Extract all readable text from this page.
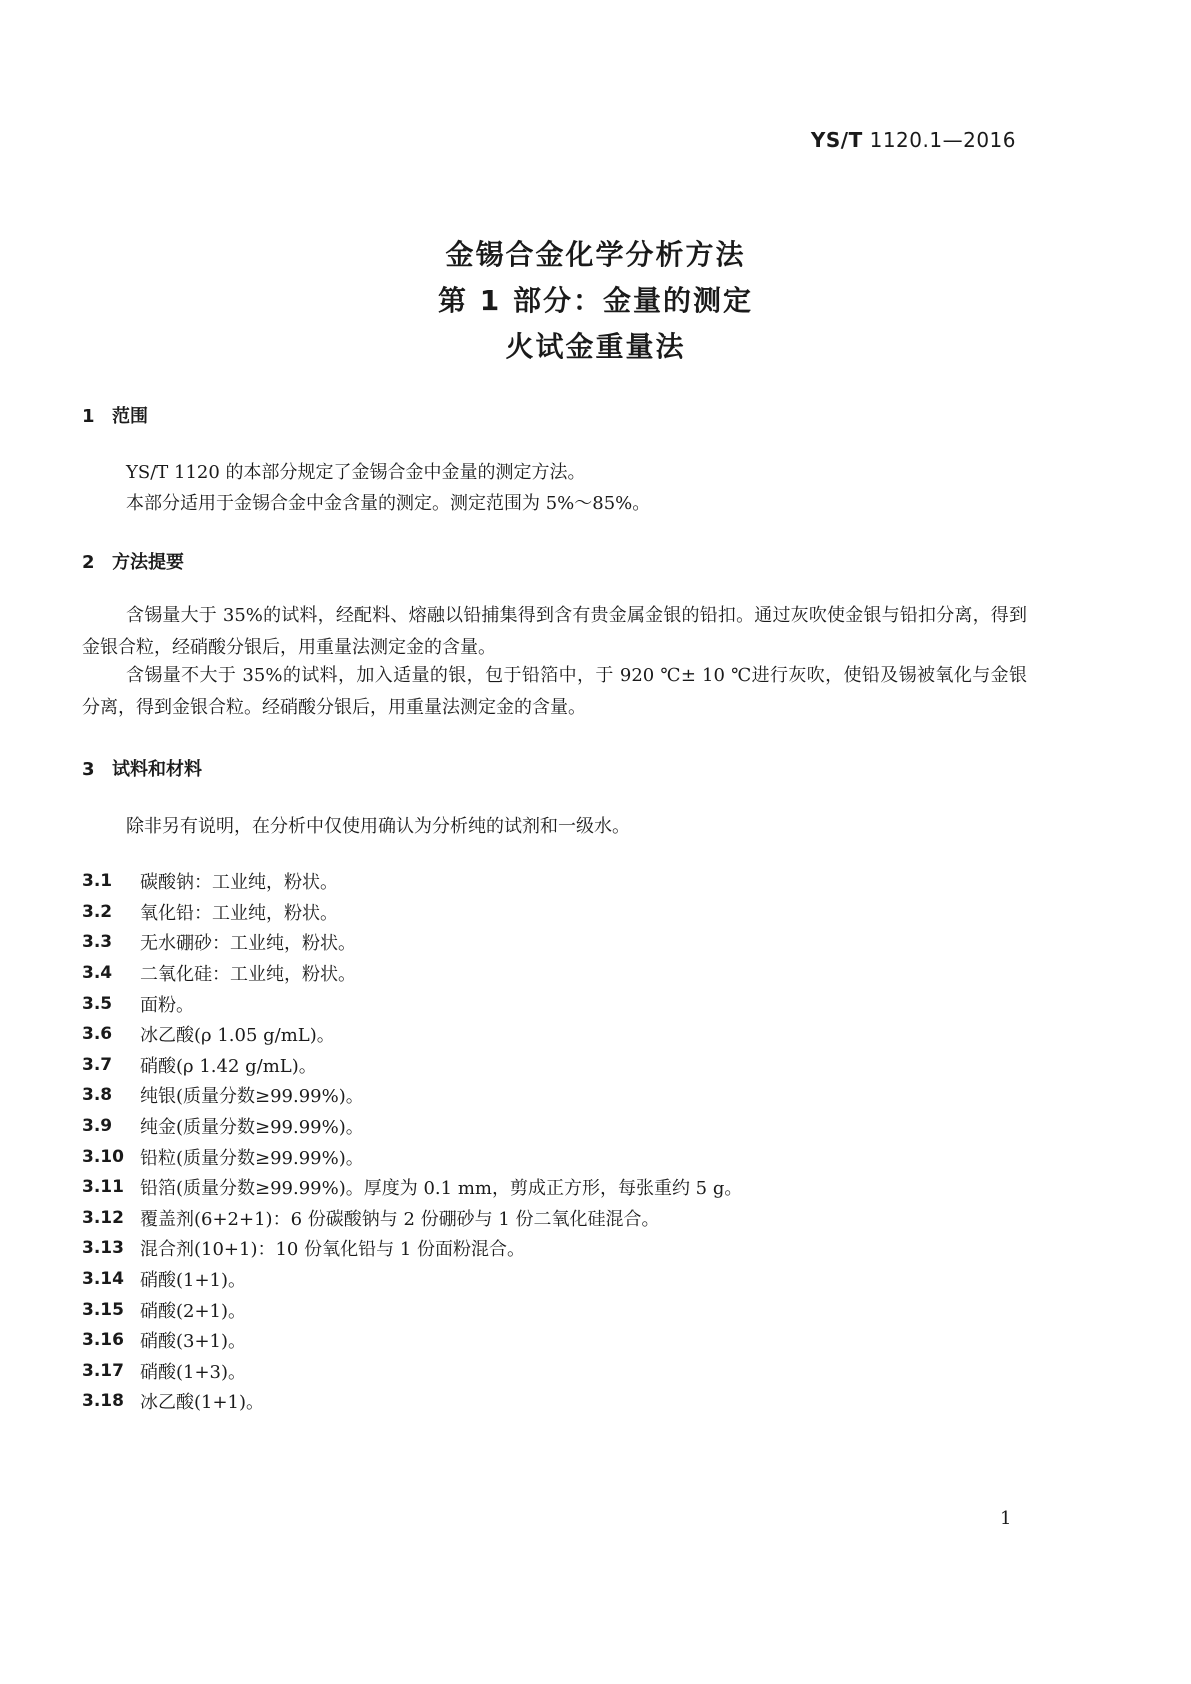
YS/T 1120.1—2016
金锡合金化学分析方法
第 1 部分：金量的测定
火试金重量法
1 范围
YS/T 1120 的本部分规定了金锡合金中金量的测定方法。
本部分适用于金锡合金中金含量的测定。测定范围为 5%～85%。
2 方法提要
含锡量大于 35%的试料，经配料、熔融以铅捕集得到含有贵金属金银的铅扣。通过灰吹使金银与铅扣分离，得到金银合粒，经硝酸分银后，用重量法测定金的含量。
含锡量不大于 35%的试料，加入适量的银，包于铅箔中，于 920 ℃± 10 ℃进行灰吹，使铅及锡被氧化与金银分离，得到金银合粒。经硝酸分银后，用重量法测定金的含量。
3 试料和材料
除非另有说明，在分析中仅使用确认为分析纯的试剂和一级水。
3.1	碳酸钠：工业纯，粉状。
3.2	氧化铅：工业纯，粉状。
3.3	无水硼砂：工业纯，粉状。
3.4	二氧化硅：工业纯，粉状。
3.5	面粉。
3.6	冰乙酸(ρ 1.05 g/mL)。
3.7	硝酸(ρ 1.42 g/mL)。
3.8	纯银(质量分数≥99.99%)。
3.9	纯金(质量分数≥99.99%)。
3.10 铅粒(质量分数≥99.99%)。
3.11 铅箔(质量分数≥99.99%)。厚度为 0.1 mm，剪成正方形，每张重约 5 g。
3.12 覆盖剂(6+2+1)：6 份碳酸钠与 2 份硼砂与 1 份二氧化硅混合。
3.13 混合剂(10+1)：10 份氧化铅与 1 份面粉混合。
3.14 硝酸(1+1)。
3.15 硝酸(2+1)。
3.16 硝酸(3+1)。
3.17 硝酸(1+3)。
3.18 冰乙酸(1+1)。
1
